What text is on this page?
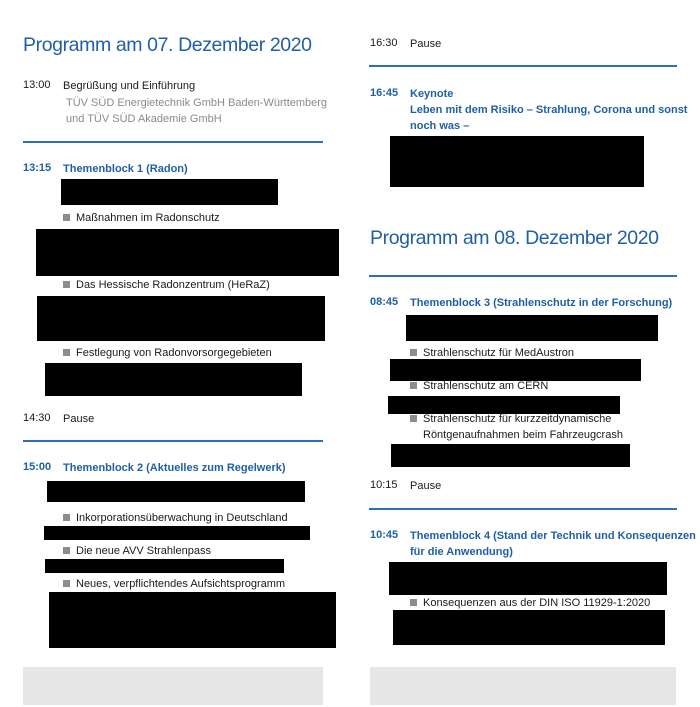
Programm am 07. Dezember 2020
13:00 Begrüßung und Einführung
TÜV SÜD Energietechnik GmbH Baden-Württemberg
und TÜV SÜD Akademie GmbH
13:15 Themenblock 1 (Radon)
Maßnahmen im Radonschutz
Das Hessische Radonzentrum (HeRaZ)
Festlegung von Radonvorsorgegebieten
14:30 Pause
15:00 Themenblock 2 (Aktuelles zum Regelwerk)
Inkorporationsüberwachung in Deutschland
Die neue AVV Strahlenpass
Neues, verpflichtendes Aufsichtsprogramm
16:30 Pause
16:45 Keynote
Leben mit dem Risiko – Strahlung, Corona und sonst
noch was –
Programm am 08. Dezember 2020
08:45 Themenblock 3 (Strahlenschutz in der Forschung)
Strahlenschutz für MedAustron
Strahlenschutz am CERN
Strahlenschutz für kurzzeitdynamische
Röntgenaufnahmen beim Fahrzeugcrash
10:15 Pause
10:45 Themenblock 4 (Stand der Technik und Konsequenzen
für die Anwendung)
Konsequenzen aus der DIN ISO 11929-1:2020
